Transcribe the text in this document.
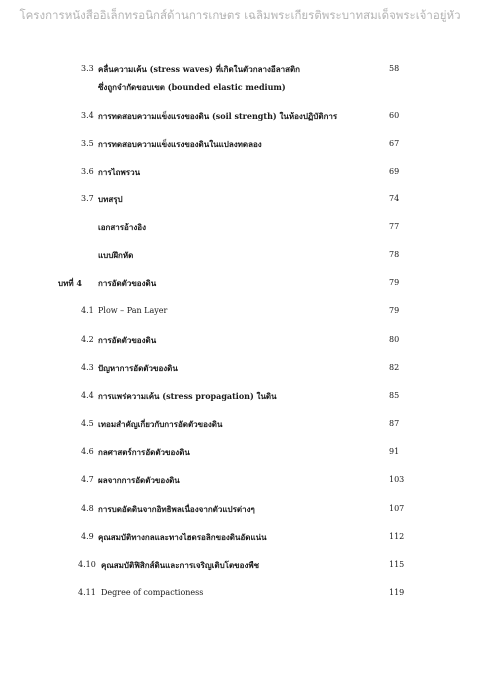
โครงการหนังสืออิเล็กทรอนิกส์ด้านการเกษตร เฉลิมพระเกียรติพระบาทสมเด็จพระเจ้าอยู่หัว
3.3 คลื่นความเค้น (stress waves) ที่เกิดในตัวกลางอีลาสติก	58
ซึ่งถูกจำกัดขอบเขต (bounded elastic medium)
3.4 การทดสอบความแข็งแรงของดิน (soil strength) ในห้องปฏิบัติการ	60
3.5 การทดสอบความแข็งแรงของดินในแปลงทดลอง	67
3.6 การไถพรวน	69
3.7 บทสรุป	74
เอกสารอ้างอิง	77
แบบฝึกหัด	78
บทที่ 4 การอัดตัวของดิน	79
4.1 Plow – Pan Layer	79
4.2 การอัดตัวของดิน	80
4.3 ปัญหาการอัดตัวของดิน	82
4.4 การแพร่ความเค้น (stress propagation) ในดิน	85
4.5 เทอมสำคัญเกี่ยวกับการอัดตัวของดิน	87
4.6 กลศาสตร์การอัดตัวของดิน	91
4.7 ผลจากการอัดตัวของดิน	103
4.8 การบดอัดดินจากอิทธิพลเนื่องจากตัวแปรต่างๆ	107
4.9 คุณสมบัติทางกลและทางไฮดรอลิกของดินอัดแน่น	112
4.10 คุณสมบัติฟิสิกส์ดินและการเจริญเติบโตของพืช	115
4.11 Degree of compactioness	119
